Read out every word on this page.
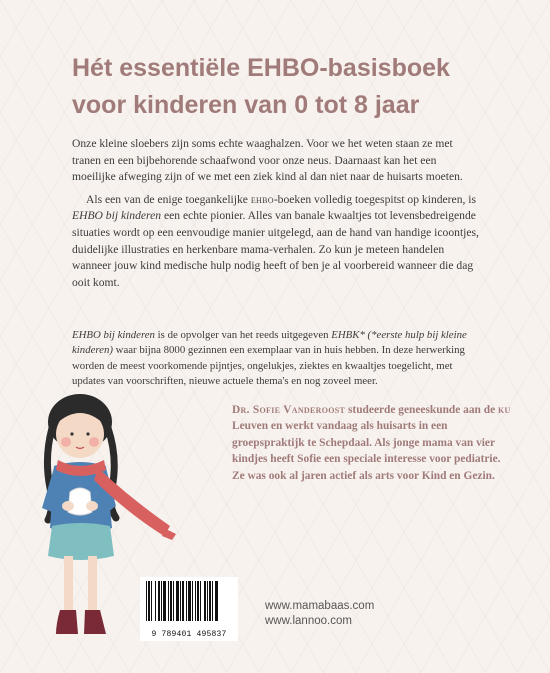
Hét essentiële EHBO-basisboek
voor kinderen van 0 tot 8 jaar

Onze kleine sloebers zijn soms echte waaghalzen. Voor we het weten staan ze met tranen en een bijbehorende schaafwond voor onze neus. Daarnaast kan het een moeilijke afweging zijn of we met een ziek kind al dan niet naar de huisarts moeten.

Als een van de enige toegankelijke ehbo-boeken volledig toegespitst op kinderen, is EHBO bij kinderen een echte pionier. Alles van banale kwaaltjes tot levensbedreigende situaties wordt op een eenvoudige manier uitgelegd, aan de hand van handige icoontjes, duidelijke illustraties en herkenbare mama-verhalen. Zo kun je meteen handelen wanneer jouw kind medische hulp nodig heeft of ben je al voorbereid wanneer die dag ooit komt.

EHBO bij kinderen is de opvolger van het reeds uitgegeven EHBK* (*eerste hulp bij kleine kinderen) waar bijna 8000 gezinnen een exemplaar van in huis hebben. In deze herwerking worden de meest voorkomende pijntjes, ongelukjes, ziektes en kwaaltjes toegelicht, met updates van voorschriften, nieuwe actuele thema's en nog zoveel meer.

Dr. Sofie Vanderoost studeerde geneeskunde aan de ku Leuven en werkt vandaag als huisarts in een groepspraktijk te Schepdaal. Als jonge mama van vier kindjes heeft Sofie een speciale interesse voor pediatrie. Ze was ook al jaren actief als arts voor Kind en Gezin.

9 789401 495837
www.mamabaas.com
www.lannoo.com
